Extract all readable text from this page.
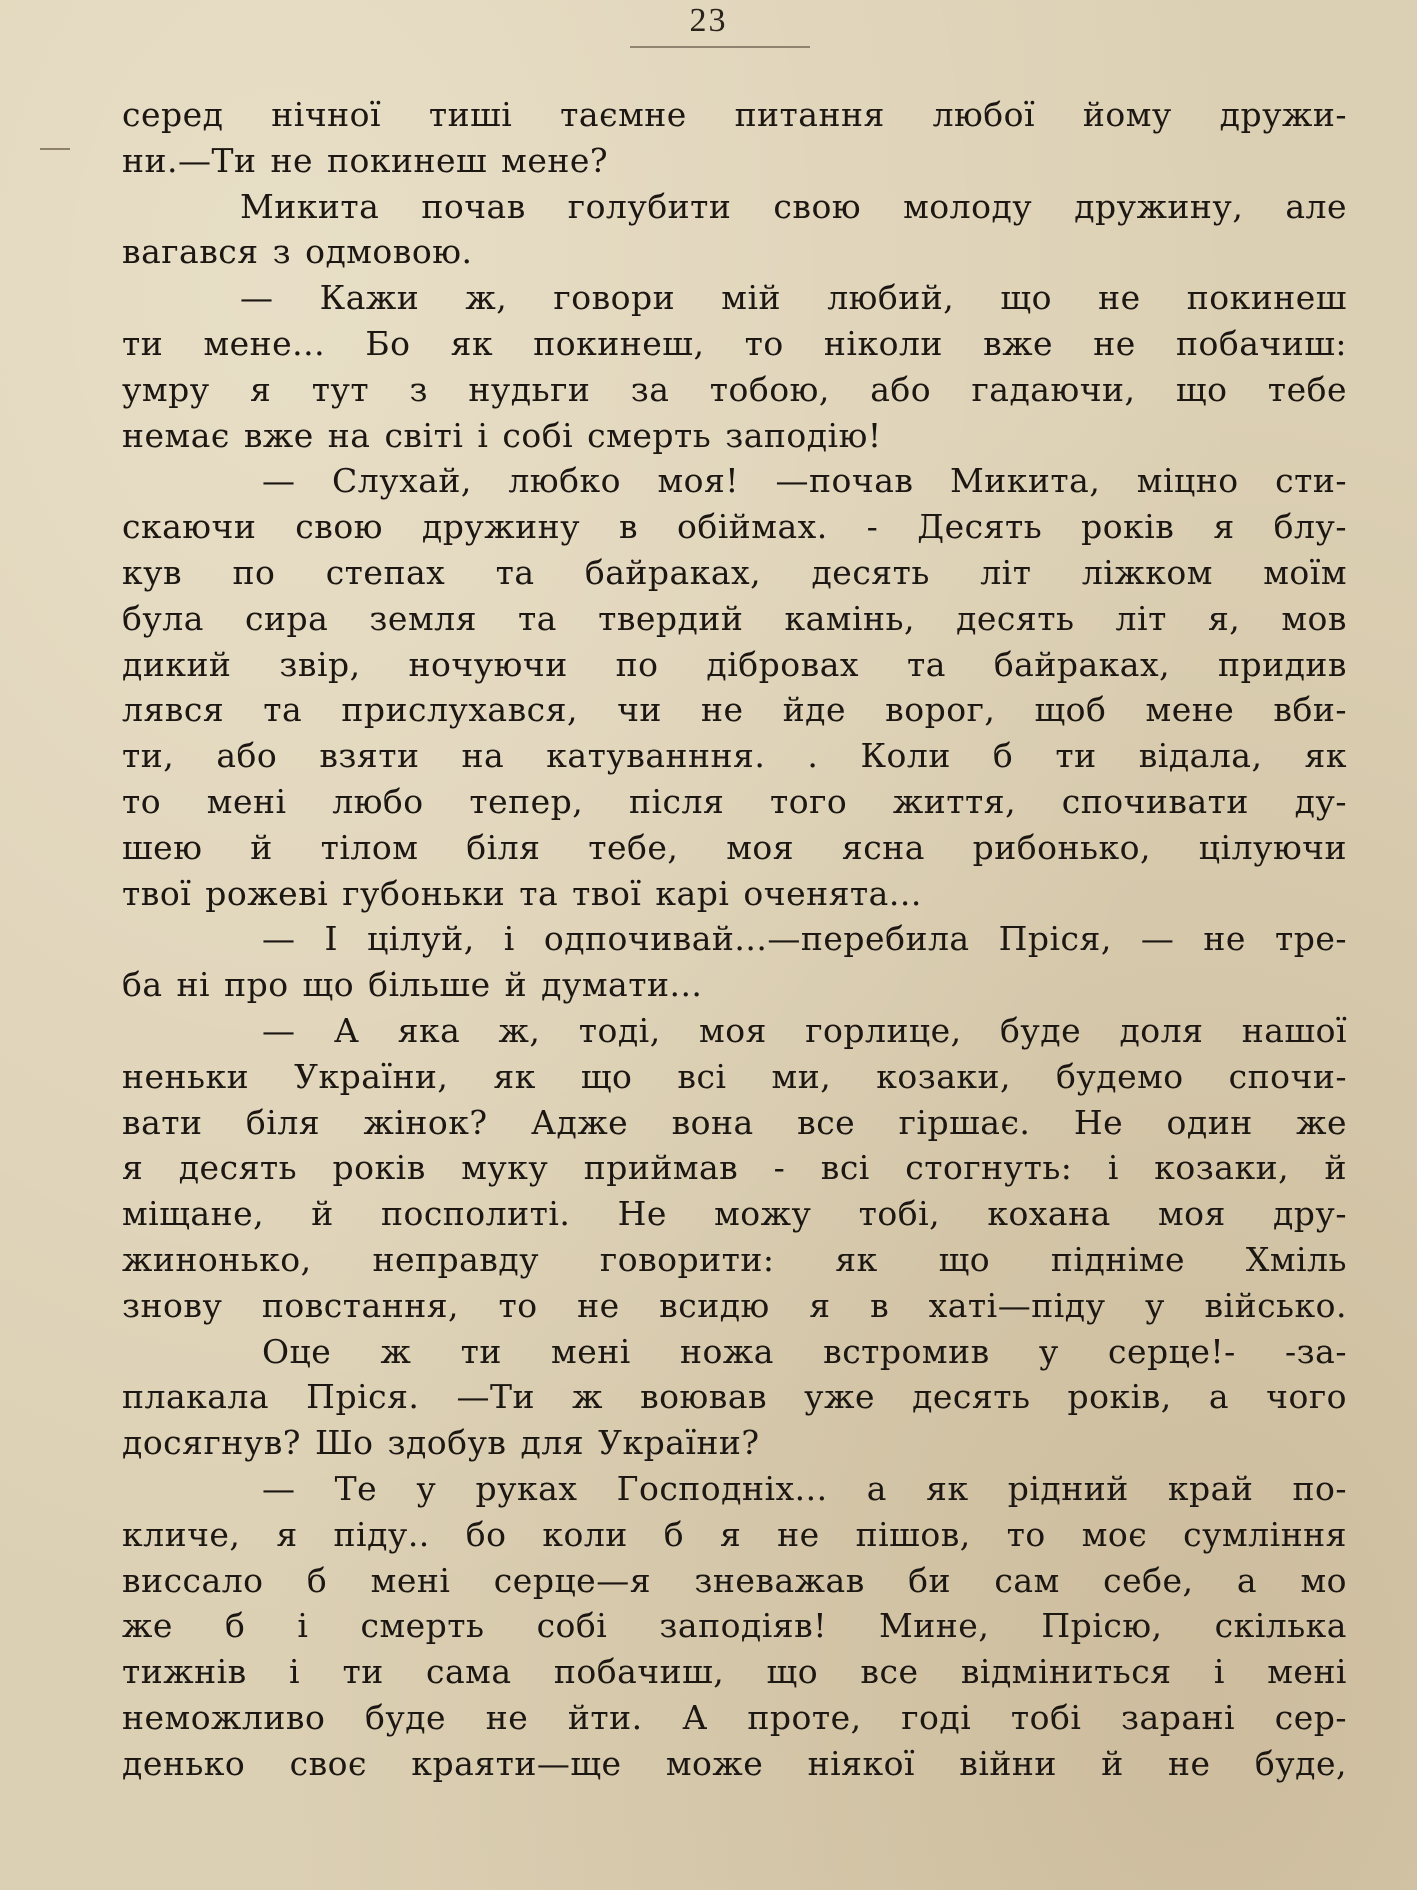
23
серед нічної тиші таємне питання любої йому дружи-
ни.—Ти не покинеш мене?
Микита почав голубити свою молоду дружину, але
вагався з одмовою.
— Кажи ж, говори мій любий, що не покинеш
ти мене... Бо як покинеш, то ніколи вже не побачиш:
умру я тут з нудьги за тобою, або гадаючи, що тебе
немає вже на світі і собі смерть заподію!
— Слухай, любко моя! —почав Микита, міцно сти-
скаючи свою дружину в обіймах. - Десять років я блу-
кув по степах та байраках, десять літ ліжком моїм
була сира земля та твердий камінь, десять літ я, мов
дикий звір, ночуючи по дібровах та байраках, придив
лявся та прислухався, чи не йде ворог, щоб мене вби-
ти, або взяти на катуванння. . Коли б ти відала, як
то мені любо тепер, після того життя, спочивати ду-
шею й тілом біля тебе, моя ясна рибонько, цілуючи
твої рожеві губоньки та твої карі оченята...
— І цілуй, і одпочивай...—перебила Пріся, — не тре-
ба ні про що більше й думати...
— А яка ж, тоді, моя горлице, буде доля нашої
неньки України, як що всі ми, козаки, будемо спочи-
вати біля жінок? Адже вона все гіршає. Не один же
я десять років муку приймав - всі стогнуть: і козаки, й
міщане, й посполиті. Не можу тобі, кохана моя дру-
жинонько, неправду говорити: як що підніме Хміль
знову повстання, то не всидю я в хаті—піду у військо.
Оце ж ти мені ножа встромив у серце!- -за-
плакала Пріся. —Ти ж воював уже десять років, а чого
досягнув? Шо здобув для України?
— Те у руках Господніх... а як рідний край по-
кличе, я піду.. бо коли б я не пішов, то моє сумління
виссало б мені серце—я зневажав би сам себе, а мо
же б і смерть собі заподіяв! Мине, Прісю, скілька
тижнів і ти сама побачиш, що все відміниться і мені
неможливо буде не йти. А проте, годі тобі зарані сер-
денько своє краяти—ще може ніякої війни й не буде,
